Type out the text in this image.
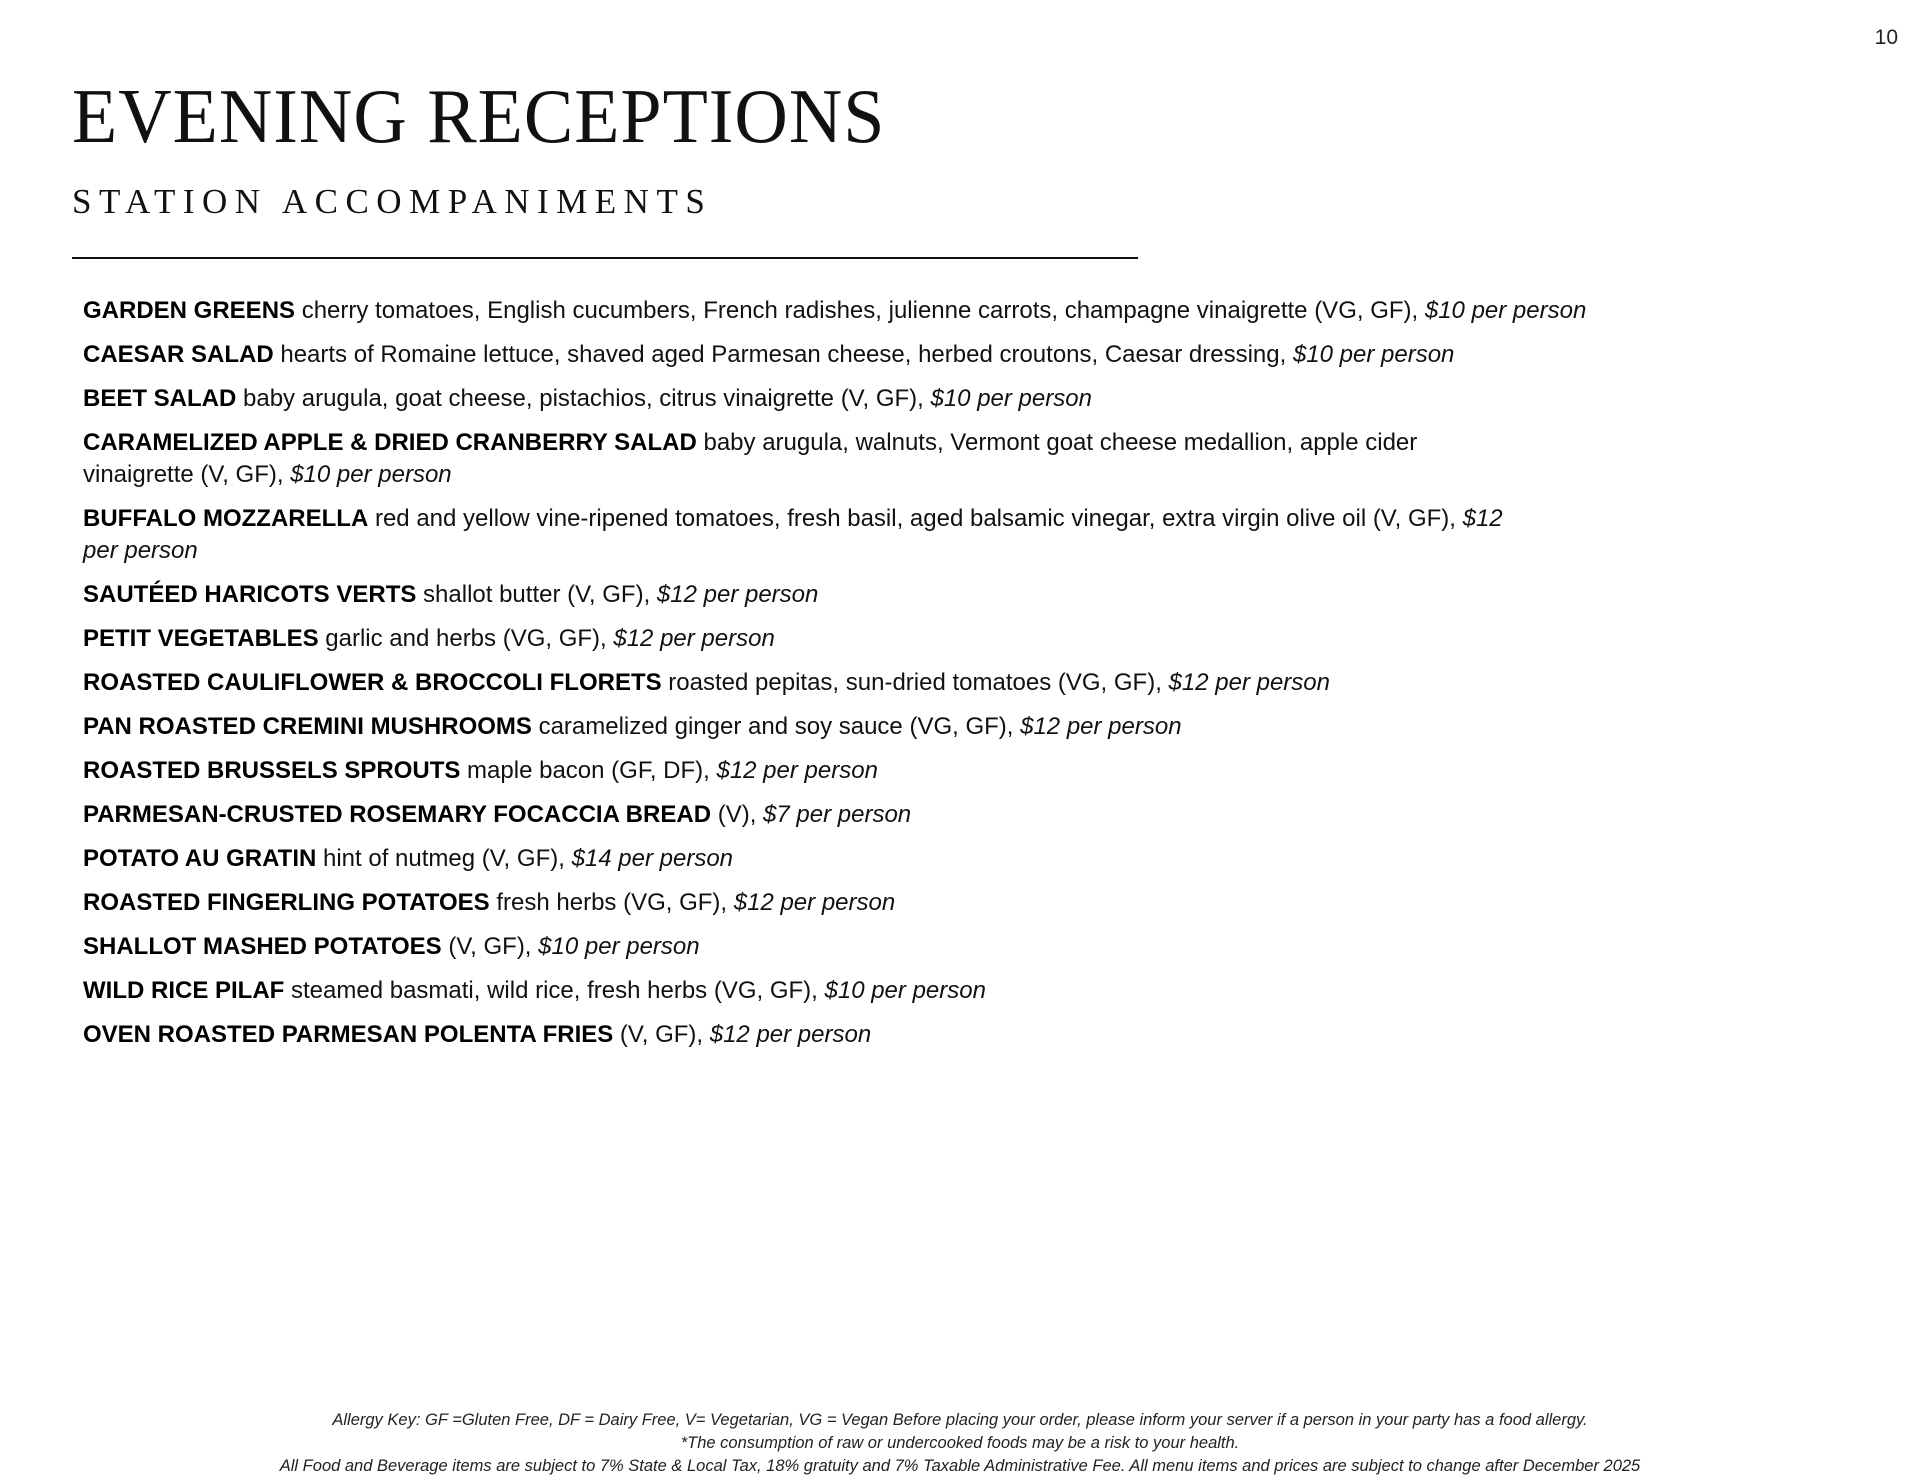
10
EVENING RECEPTIONS
STATION ACCOMPANIMENTS
GARDEN GREENS cherry tomatoes, English cucumbers, French radishes, julienne carrots, champagne vinaigrette (VG, GF), $10 per person
CAESAR SALAD hearts of Romaine lettuce, shaved aged Parmesan cheese, herbed croutons, Caesar dressing, $10 per person
BEET SALAD baby arugula, goat cheese, pistachios, citrus vinaigrette (V, GF), $10 per person
CARAMELIZED APPLE & DRIED CRANBERRY SALAD baby arugula, walnuts, Vermont goat cheese medallion, apple cider vinaigrette (V, GF), $10 per person
BUFFALO MOZZARELLA red and yellow vine-ripened tomatoes, fresh basil, aged balsamic vinegar, extra virgin olive oil (V, GF), $12 per person
SAUTÉED HARICOTS VERTS shallot butter (V, GF), $12 per person
PETIT VEGETABLES garlic and herbs (VG, GF), $12 per person
ROASTED CAULIFLOWER & BROCCOLI FLORETS roasted pepitas, sun-dried tomatoes (VG, GF), $12 per person
PAN ROASTED CREMINI MUSHROOMS caramelized ginger and soy sauce (VG, GF), $12 per person
ROASTED BRUSSELS SPROUTS maple bacon (GF, DF), $12 per person
PARMESAN-CRUSTED ROSEMARY FOCACCIA BREAD (V), $7 per person
POTATO AU GRATIN hint of nutmeg (V, GF), $14 per person
ROASTED FINGERLING POTATOES fresh herbs (VG, GF), $12 per person
SHALLOT MASHED POTATOES (V, GF), $10 per person
WILD RICE PILAF steamed basmati, wild rice, fresh herbs (VG, GF), $10 per person
OVEN ROASTED PARMESAN POLENTA FRIES (V, GF), $12 per person
Allergy Key: GF =Gluten Free, DF = Dairy Free, V= Vegetarian, VG = Vegan Before placing your order, please inform your server if a person in your party has a food allergy.
*The consumption of raw or undercooked foods may be a risk to your health.
All Food and Beverage items are subject to 7% State & Local Tax, 18% gratuity and 7% Taxable Administrative Fee. All menu items and prices are subject to change after December 2025
